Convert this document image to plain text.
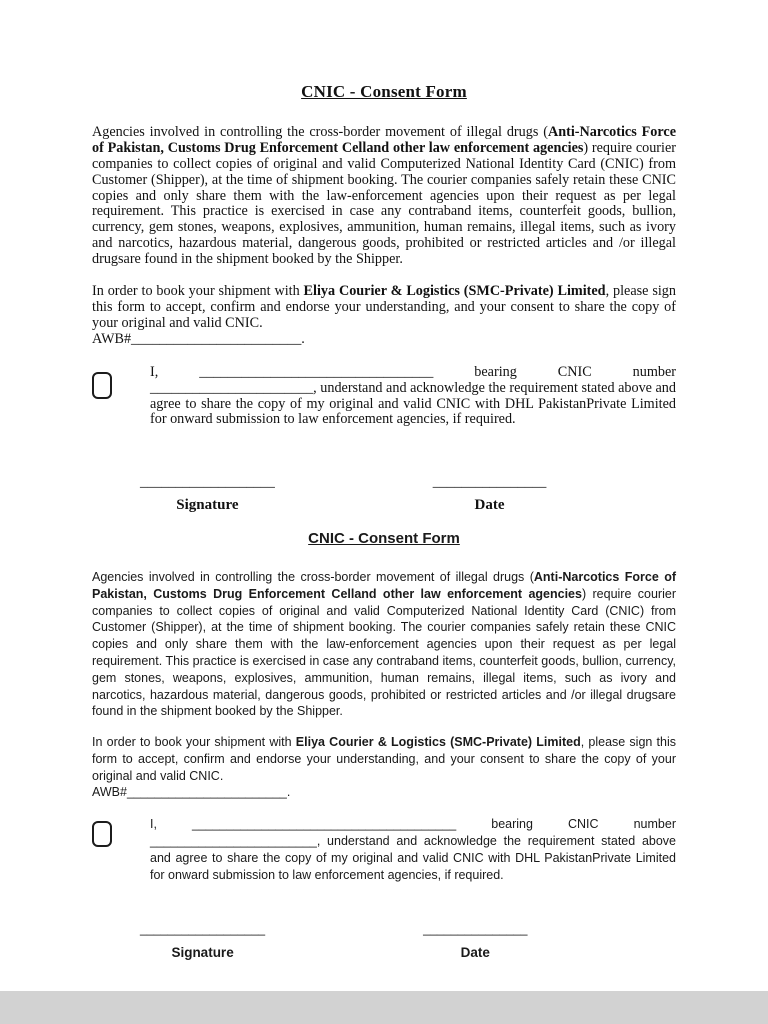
CNIC - Consent Form

Agencies involved in controlling the cross-border movement of illegal drugs (Anti-Narcotics Force of Pakistan, Customs Drug Enforcement Celland other law enforcement agencies) require courier companies to collect copies of original and valid Computerized National Identity Card (CNIC) from Customer (Shipper), at the time of shipment booking. The courier companies safely retain these CNIC copies and only share them with the law-enforcement agencies upon their request as per legal requirement. This practice is exercised in case any contraband items, counterfeit goods, bullion, currency, gem stones, weapons, explosives, ammunition, human remains, illegal items, such as ivory and narcotics, hazardous material, dangerous goods, prohibited or restricted articles and /or illegal drugsare found in the shipment booked by the Shipper.

In order to book your shipment with Eliya Courier & Logistics (SMC-Private) Limited, please sign this form to accept, confirm and endorse your understanding, and your consent to share the copy of your original and valid CNIC.

AWB#________________________.

I, _________________________________ bearing CNIC number _______________________, understand and acknowledge the requirement stated above and agree to share the copy of my original and valid CNIC with DHL PakistanPrivate Limited for onward submission to law enforcement agencies, if required.

___________________
Signature
________________
Date
CNIC - Consent Form

Agencies involved in controlling the cross-border movement of illegal drugs (Anti-Narcotics Force of Pakistan, Customs Drug Enforcement Celland other law enforcement agencies) require courier companies to collect copies of original and valid Computerized National Identity Card (CNIC) from Customer (Shipper), at the time of shipment booking. The courier companies safely retain these CNIC copies and only share them with the law-enforcement agencies upon their request as per legal requirement. This practice is exercised in case any contraband items, counterfeit goods, bullion, currency, gem stones, weapons, explosives, ammunition, human remains, illegal items, such as ivory and narcotics, hazardous material, dangerous goods, prohibited or restricted articles and /or illegal drugsare found in the shipment booked by the Shipper.

In order to book your shipment with Eliya Courier & Logistics (SMC-Private) Limited, please sign this form to accept, confirm and endorse your understanding, and your consent to share the copy of your original and valid CNIC.

AWB#_______________________.

I, ______________________________________ bearing CNIC number ________________________, understand and acknowledge the requirement stated above and agree to share the copy of my original and valid CNIC with DHL PakistanPrivate Limited for onward submission to law enforcement agencies, if required.

__________________
Signature
_______________
Date
